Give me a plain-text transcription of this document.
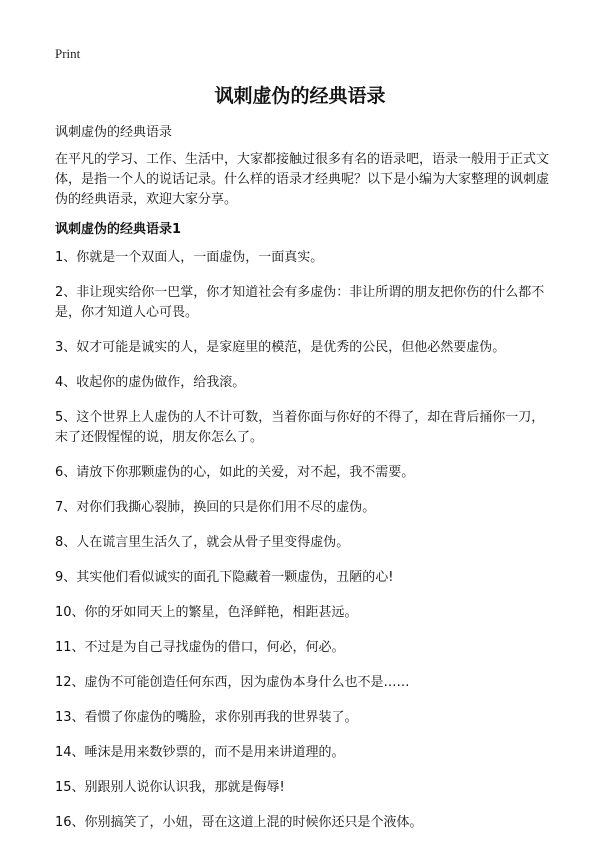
Print
讽刺虚伪的经典语录

讽刺虚伪的经典语录

在平凡的学习、工作、生活中，大家都接触过很多有名的语录吧，语录一般用于正式文体，是指一个人的说话记录。什么样的语录才经典呢？以下是小编为大家整理的讽刺虚伪的经典语录，欢迎大家分享。

讽刺虚伪的经典语录1
1、你就是一个双面人，一面虚伪，一面真实。
2、非让现实给你一巴掌，你才知道社会有多虚伪：非让所谓的朋友把你伤的什么都不是，你才知道人心可畏。
3、奴才可能是诚实的人，是家庭里的模范，是优秀的公民，但他必然要虚伪。
4、收起你的虚伪做作，给我滚。
5、这个世界上人虚伪的人不计可数，当着你面与你好的不得了，却在背后捅你一刀，末了还假惺惺的说，朋友你怎么了。
6、请放下你那颗虚伪的心，如此的关爱，对不起，我不需要。
7、对你们我撕心裂肺，换回的只是你们用不尽的虚伪。
8、人在谎言里生活久了，就会从骨子里变得虚伪。
9、其实他们看似诚实的面孔下隐藏着一颗虚伪，丑陋的心!
10、你的牙如同天上的繁星，色泽鲜艳，相距甚远。
11、不过是为自己寻找虚伪的借口，何必，何必。
12、虚伪不可能创造任何东西，因为虚伪本身什么也不是……
13、看惯了你虚伪的嘴脸，求你别再我的世界装了。
14、唾沫是用来数钞票的，而不是用来讲道理的。
15、别跟别人说你认识我，那就是侮辱!
16、你别搞笑了，小妞，哥在这道上混的时候你还只是个液体。
